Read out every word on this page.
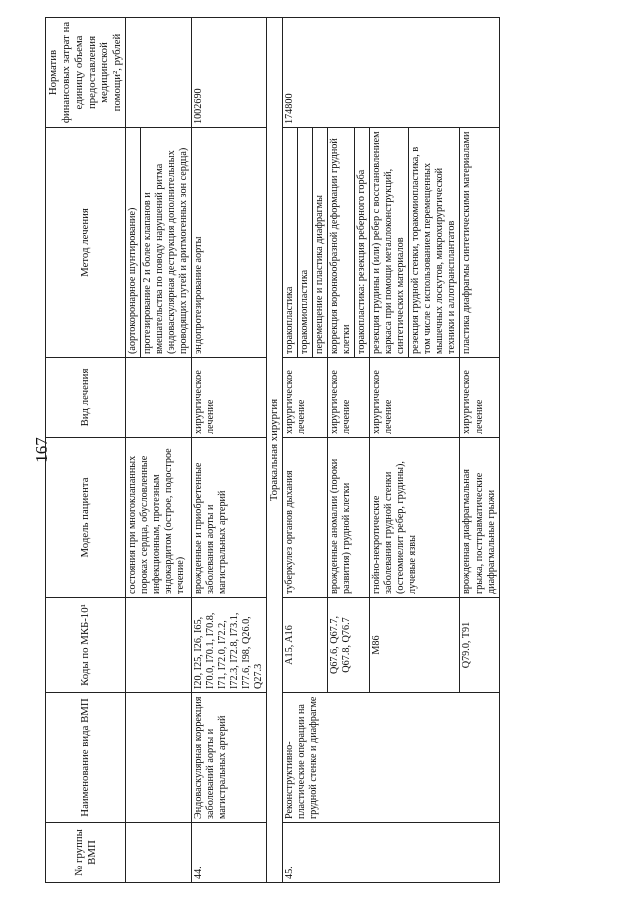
167
№ группы ВМП	Наименование вида ВМП	Коды по МКБ-10¹	Модель пациента	Вид лечения	Метод лечения	Норматив финансовых затрат на единицу объема предоставления медицинской помощи², рублей
			состояния при многоклапанных пороках сердца, обусловленные инфекционным, протезным эндокардитом (острое, подострое течение)		(аортокоронарное шунтирование)	
					протезирование 2 и более клапанов и вмешательства по поводу нарушений ритма (эндоваскулярная деструкция дополнительных проводящих путей и аритмогенных зон сердца)	
44.	Эндоваскулярная коррекция заболеваний аорты и магистральных артерий	I20, I25, I26, I65, I70.0, I70.1, I70.8, I71, I72.0, I72.2, I72.3, I72.8, I73.1, I77.6, I98, Q26.0, Q27.3	врожденные и приобретенные заболевания аорты и магистральных артерий	хирургическое лечение	эндопротезирование аорты	1002690
Торакальная хирургия						
45.	Реконструктивно-пластические операции на грудной стенке и диафрагме	A15, A16	туберкулез органов дыхания	хирургическое лечение	торакопластика	174800
					торакомиопластика	
					перемещение и пластика диафрагмы	
		Q67.6, Q67.7, Q67.8, Q76.7	врожденные аномалии (пороки развития) грудной клетки	хирургическое лечение	коррекция воронкообразной деформации грудной клетки	
					торакопластика: резекция реберного горба	
		M86	гнойно-некротические заболевания грудной стенки (остеомиелит ребер, грудины), лучевые язвы	хирургическое лечение	резекция грудины и (или) ребер с восстановлением каркаса при помощи металлоконструкций, синтетических материалов	
					резекция грудной стенки, торакомиопластика, в том числе с использованием перемещенных мышечных лоскутов, микрохирургической техники и аллотрансплантатов	
		Q79.0, T91	врожденная диафрагмальная грыжа, посттравматические диафрагмальные грыжи	хирургическое лечение	пластика диафрагмы синтетическими материалами	
